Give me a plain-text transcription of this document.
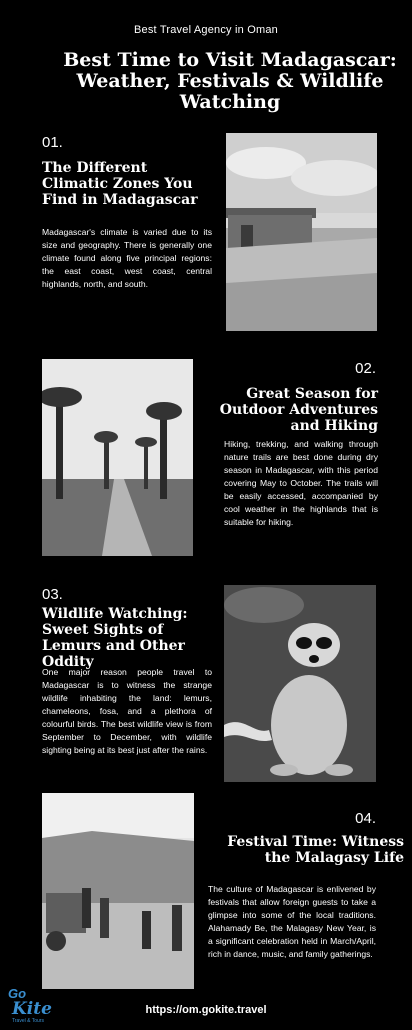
Best Travel Agency in Oman
Best Time to Visit Madagascar: Weather, Festivals & Wildlife Watching
01.
The Different Climatic Zones You Find in Madagascar
Madagascar's climate is varied due to its size and geography. There is generally one climate found along five principal regions: the east coast, west coast, central highlands, north, and south.
02.
Great Season for Outdoor Adventures and Hiking
Hiking, trekking, and walking through nature trails are best done during dry season in Madagascar, with this period covering May to October. The trails will be easily accessed, accompanied by cool weather in the highlands that is suitable for hiking.
03.
Wildlife Watching: Sweet Sights of Lemurs and Other Oddity
One major reason people travel to Madagascar is to witness the strange wildlife inhabiting the land: lemurs, chameleons, fosa, and a plethora of colourful birds. The best wildlife view is from September to December, with wildlife sighting being at its best just after the rains.
04.
Festival Time: Witness the Malagasy Life
The culture of Madagascar is enlivened by festivals that allow foreign guests to take a glimpse into some of the local traditions. Alahamady Be, the Malagasy New Year, is a significant celebration held in March/April, rich in dance, music, and family gatherings.
Go
Kite
Travel & Tours
https://om.gokite.travel
